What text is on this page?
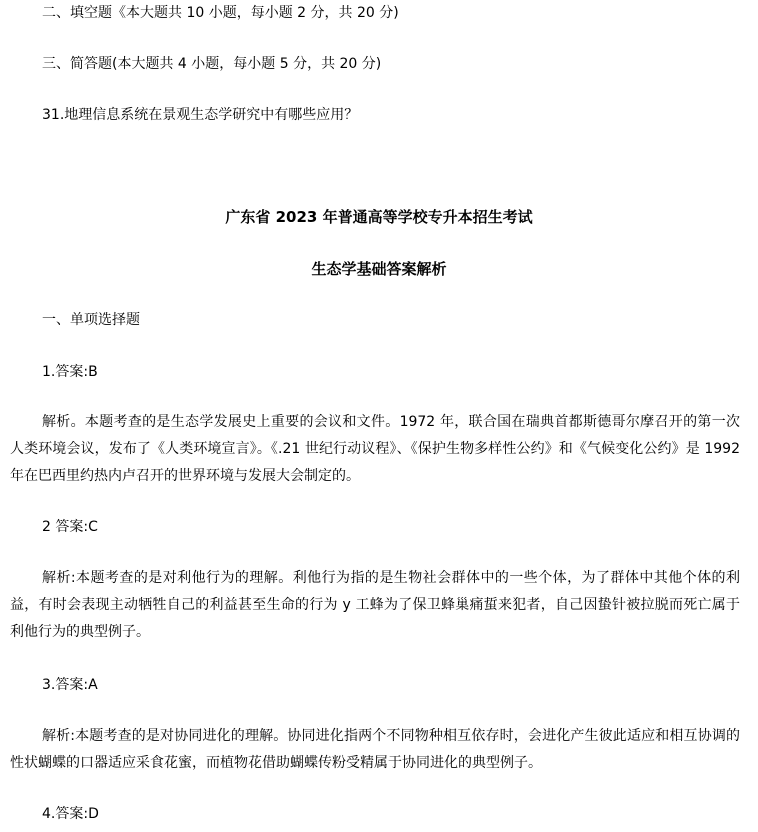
二、填空题《本大题共 10 小题，每小题 2 分，共 20 分)
三、简答题(本大题共 4 小题，每小题 5 分，共 20 分)
31.地理信息系统在景观生态学研究中有哪些应用？
广东省 2023 年普通高等学校专升本招生考试
生态学基础答案解析
一、单项选择题
1.答案:B
解析。本题考查的是生态学发展史上重要的会议和文件。1972 年，联合国在瑞典首都斯德哥尔摩召开的第一次人类环境会议，发布了《人类环境宣言》。《.21 世纪行动议程》、《保护生物多样性公约》和《气候变化公约》是 1992 年在巴西里约热内卢召开的世界环境与发展大会制定的。
2 答案:C
解析:本题考查的是对利他行为的理解。利他行为指的是生物社会群体中的一些个体，为了群体中其他个体的利益，有时会表现主动牺牲自己的利益甚至生命的行为 y 工蜂为了保卫蜂巢痛蜇来犯者，自己因蛰针被拉脱而死亡属于利他行为的典型例子。
3.答案:A
解析:本题考查的是对协同进化的理解。协同进化指两个不同物种相互依存时，会进化产生彼此适应和相互协调的性状蝴蝶的口器适应采食花蜜，而植物花借助蝴蝶传粉受精属于协同进化的典型例子。
4.答案:D
